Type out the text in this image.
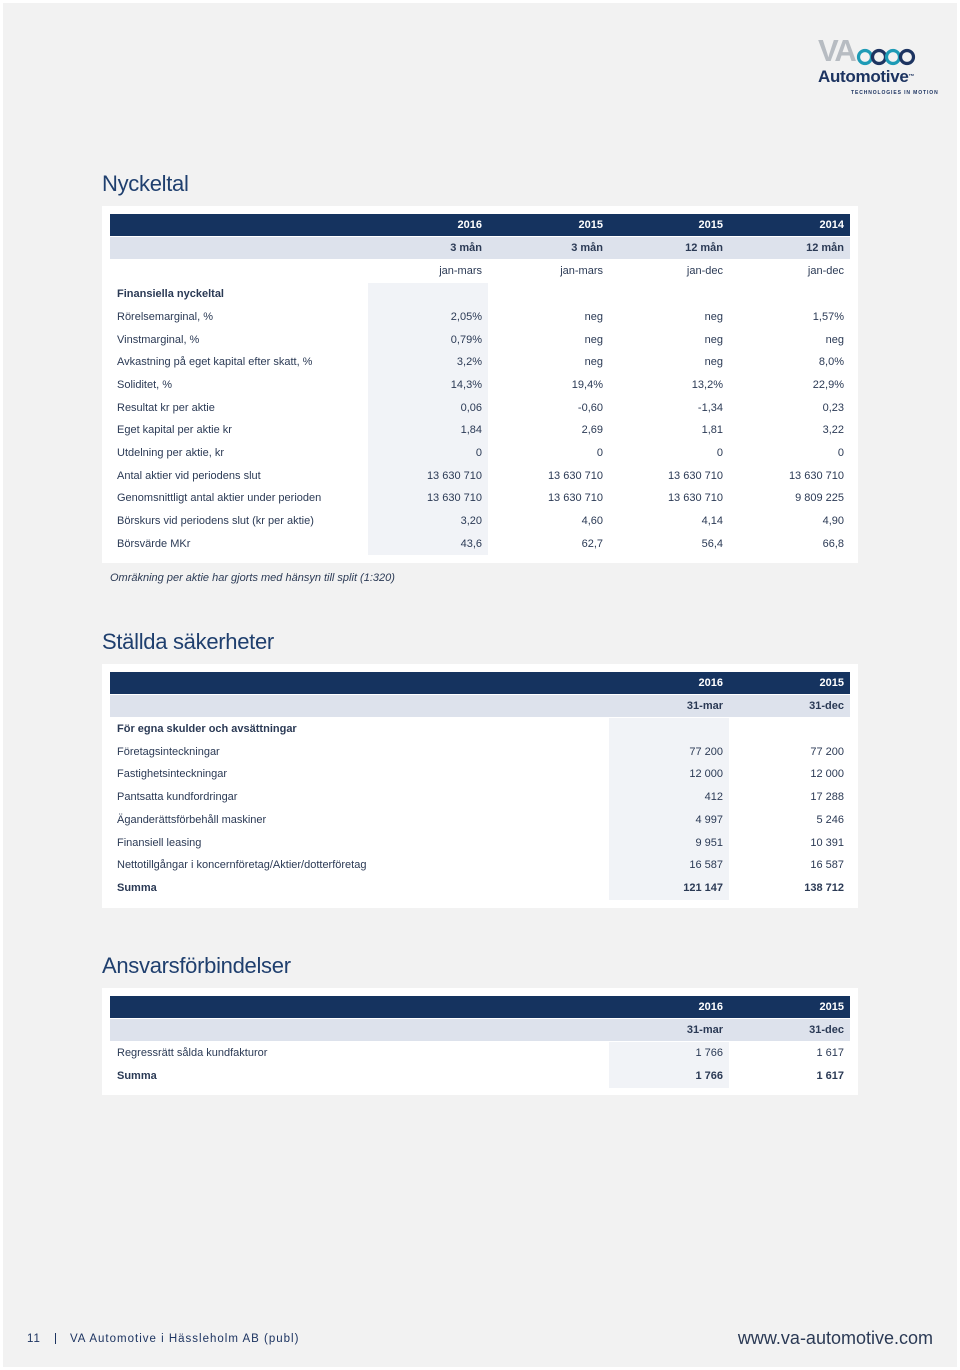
VA
Automotive™
TECHNOLOGIES IN MOTION
Nyckeltal
2016	2015	2015	2014
3 mån	3 mån	12 mån	12 mån
jan-mars	jan-mars	jan-dec	jan-dec
Finansiella nyckeltal
Rörelsemarginal, %	2,05%	neg	neg	1,57%
Vinstmarginal, %	0,79%	neg	neg	neg
Avkastning på eget kapital efter skatt, %	3,2%	neg	neg	8,0%
Soliditet, %	14,3%	19,4%	13,2%	22,9%
Resultat kr per aktie	0,06	-0,60	-1,34	0,23
Eget kapital per aktie kr	1,84	2,69	1,81	3,22
Utdelning per aktie, kr	0	0	0	0
Antal aktier vid periodens slut	13 630 710	13 630 710	13 630 710	13 630 710
Genomsnittligt antal aktier under perioden	13 630 710	13 630 710	13 630 710	9 809 225
Börskurs vid periodens slut (kr per aktie)	3,20	4,60	4,14	4,90
Börsvärde MKr	43,6	62,7	56,4	66,8
Omräkning per aktie har gjorts med hänsyn till split (1:320)
Ställda säkerheter
2016	2015
31-mar	31-dec
För egna skulder och avsättningar
Företagsinteckningar	77 200	77 200
Fastighetsinteckningar	12 000	12 000
Pantsatta kundfordringar	412	17 288
Äganderättsförbehåll maskiner	4 997	5 246
Finansiell leasing	9 951	10 391
Nettotillgångar i koncernföretag/Aktier/dotterföretag	16 587	16 587
Summa	121 147	138 712
Ansvarsförbindelser
2016	2015
31-mar	31-dec
Regressrätt sålda kundfakturor	1 766	1 617
Summa	1 766	1 617
11	VA Automotive i Hässleholm AB (publ)	www.va-automotive.com
